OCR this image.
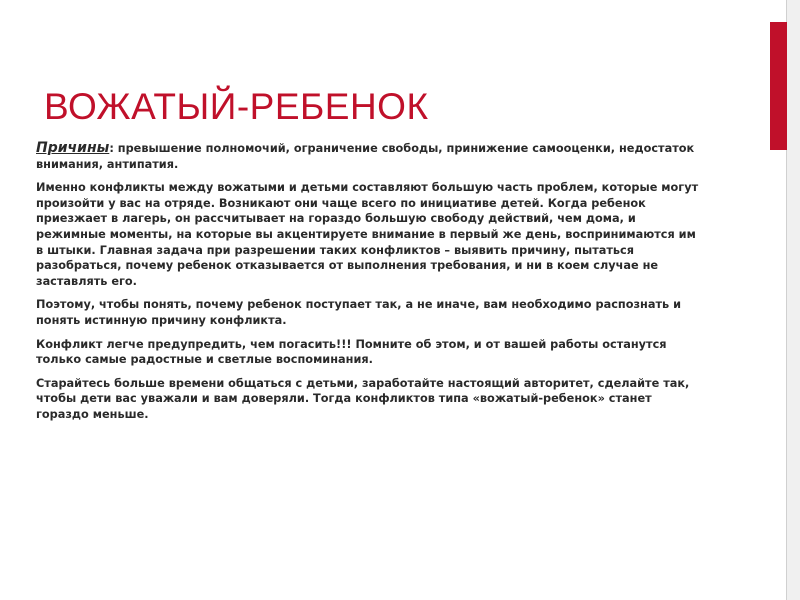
ВОЖАТЫЙ-РЕБЕНОК

Причины: превышение полномочий, ограничение свободы, принижение самооценки, недостаток внимания, антипатия.

Именно конфликты между вожатыми и детьми составляют большую часть проблем, которые могут произойти у вас на отряде. Возникают они чаще всего по инициативе детей. Когда ребенок приезжает в лагерь, он рассчитывает на гораздо большую свободу действий, чем дома, и режимные моменты, на которые вы акцентируете внимание в первый же день, воспринимаются им в штыки. Главная задача при разрешении таких конфликтов – выявить причину, пытаться разобраться, почему ребенок отказывается от выполнения требования, и ни в коем случае не заставлять его.

Поэтому, чтобы понять, почему ребенок поступает так, а не иначе, вам необходимо распознать и понять истинную причину конфликта.

Конфликт легче предупредить, чем погасить!!! Помните об этом, и от вашей работы останутся только самые радостные и светлые воспоминания.

Старайтесь больше времени общаться с детьми, заработайте настоящий авторитет, сделайте так, чтобы дети вас уважали и вам доверяли. Тогда конфликтов типа «вожатый-ребенок» станет гораздо меньше.
